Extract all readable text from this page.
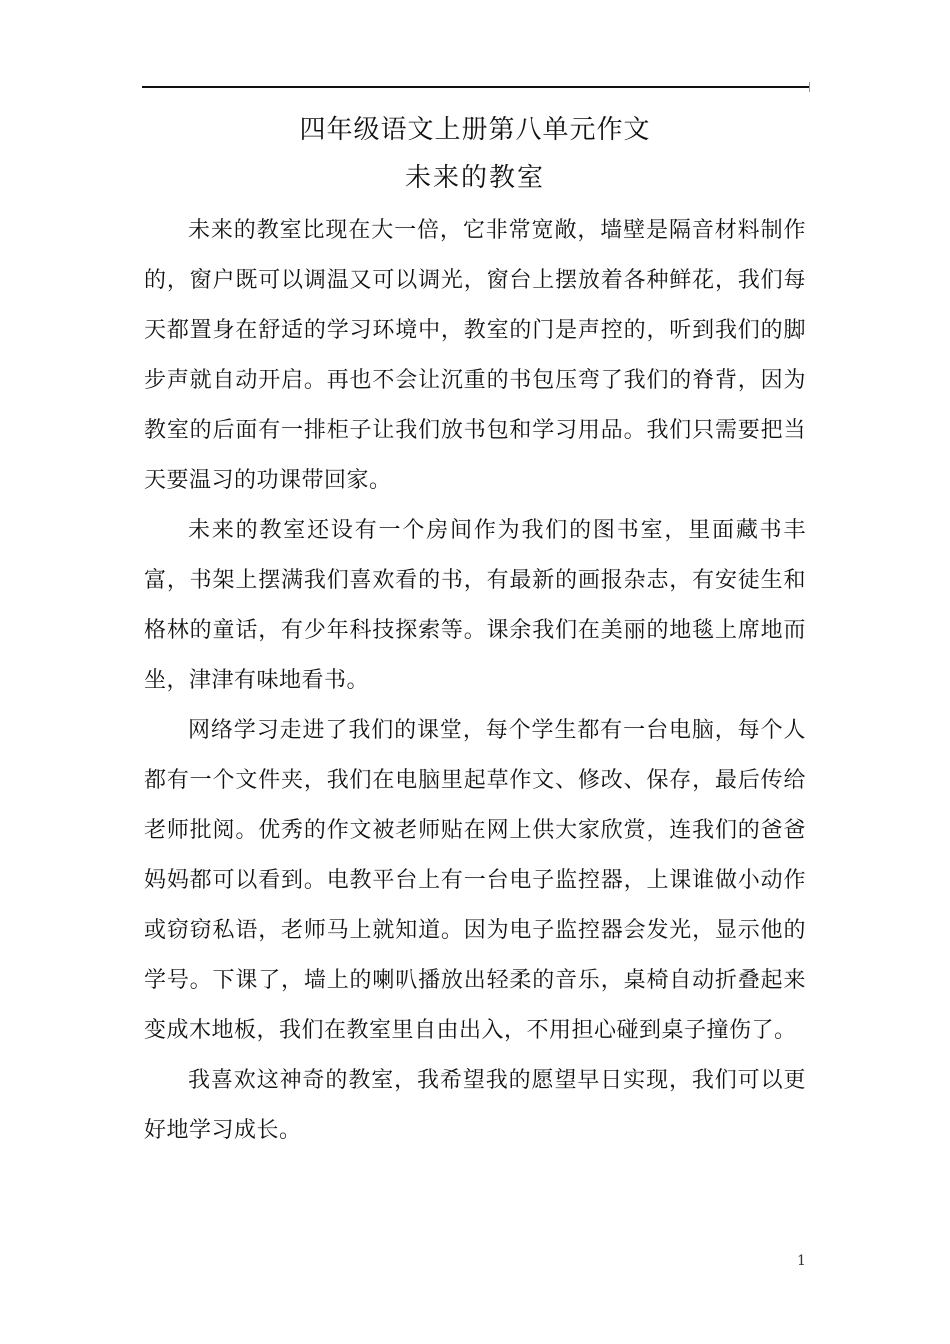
四年级语文上册第八单元作文
未来的教室

未来的教室比现在大一倍，它非常宽敞，墙壁是隔音材料制作的，窗户既可以调温又可以调光，窗台上摆放着各种鲜花，我们每天都置身在舒适的学习环境中，教室的门是声控的，听到我们的脚步声就自动开启。再也不会让沉重的书包压弯了我们的脊背，因为教室的后面有一排柜子让我们放书包和学习用品。我们只需要把当天要温习的功课带回家。

未来的教室还设有一个房间作为我们的图书室，里面藏书丰富，书架上摆满我们喜欢看的书，有最新的画报杂志，有安徒生和格林的童话，有少年科技探索等。课余我们在美丽的地毯上席地而坐，津津有味地看书。

网络学习走进了我们的课堂，每个学生都有一台电脑，每个人都有一个文件夹，我们在电脑里起草作文、修改、保存，最后传给老师批阅。优秀的作文被老师贴在网上供大家欣赏，连我们的爸爸妈妈都可以看到。电教平台上有一台电子监控器，上课谁做小动作或窃窃私语，老师马上就知道。因为电子监控器会发光，显示他的学号。下课了，墙上的喇叭播放出轻柔的音乐，桌椅自动折叠起来变成木地板，我们在教室里自由出入，不用担心碰到桌子撞伤了。

我喜欢这神奇的教室，我希望我的愿望早日实现，我们可以更好地学习成长。

1
